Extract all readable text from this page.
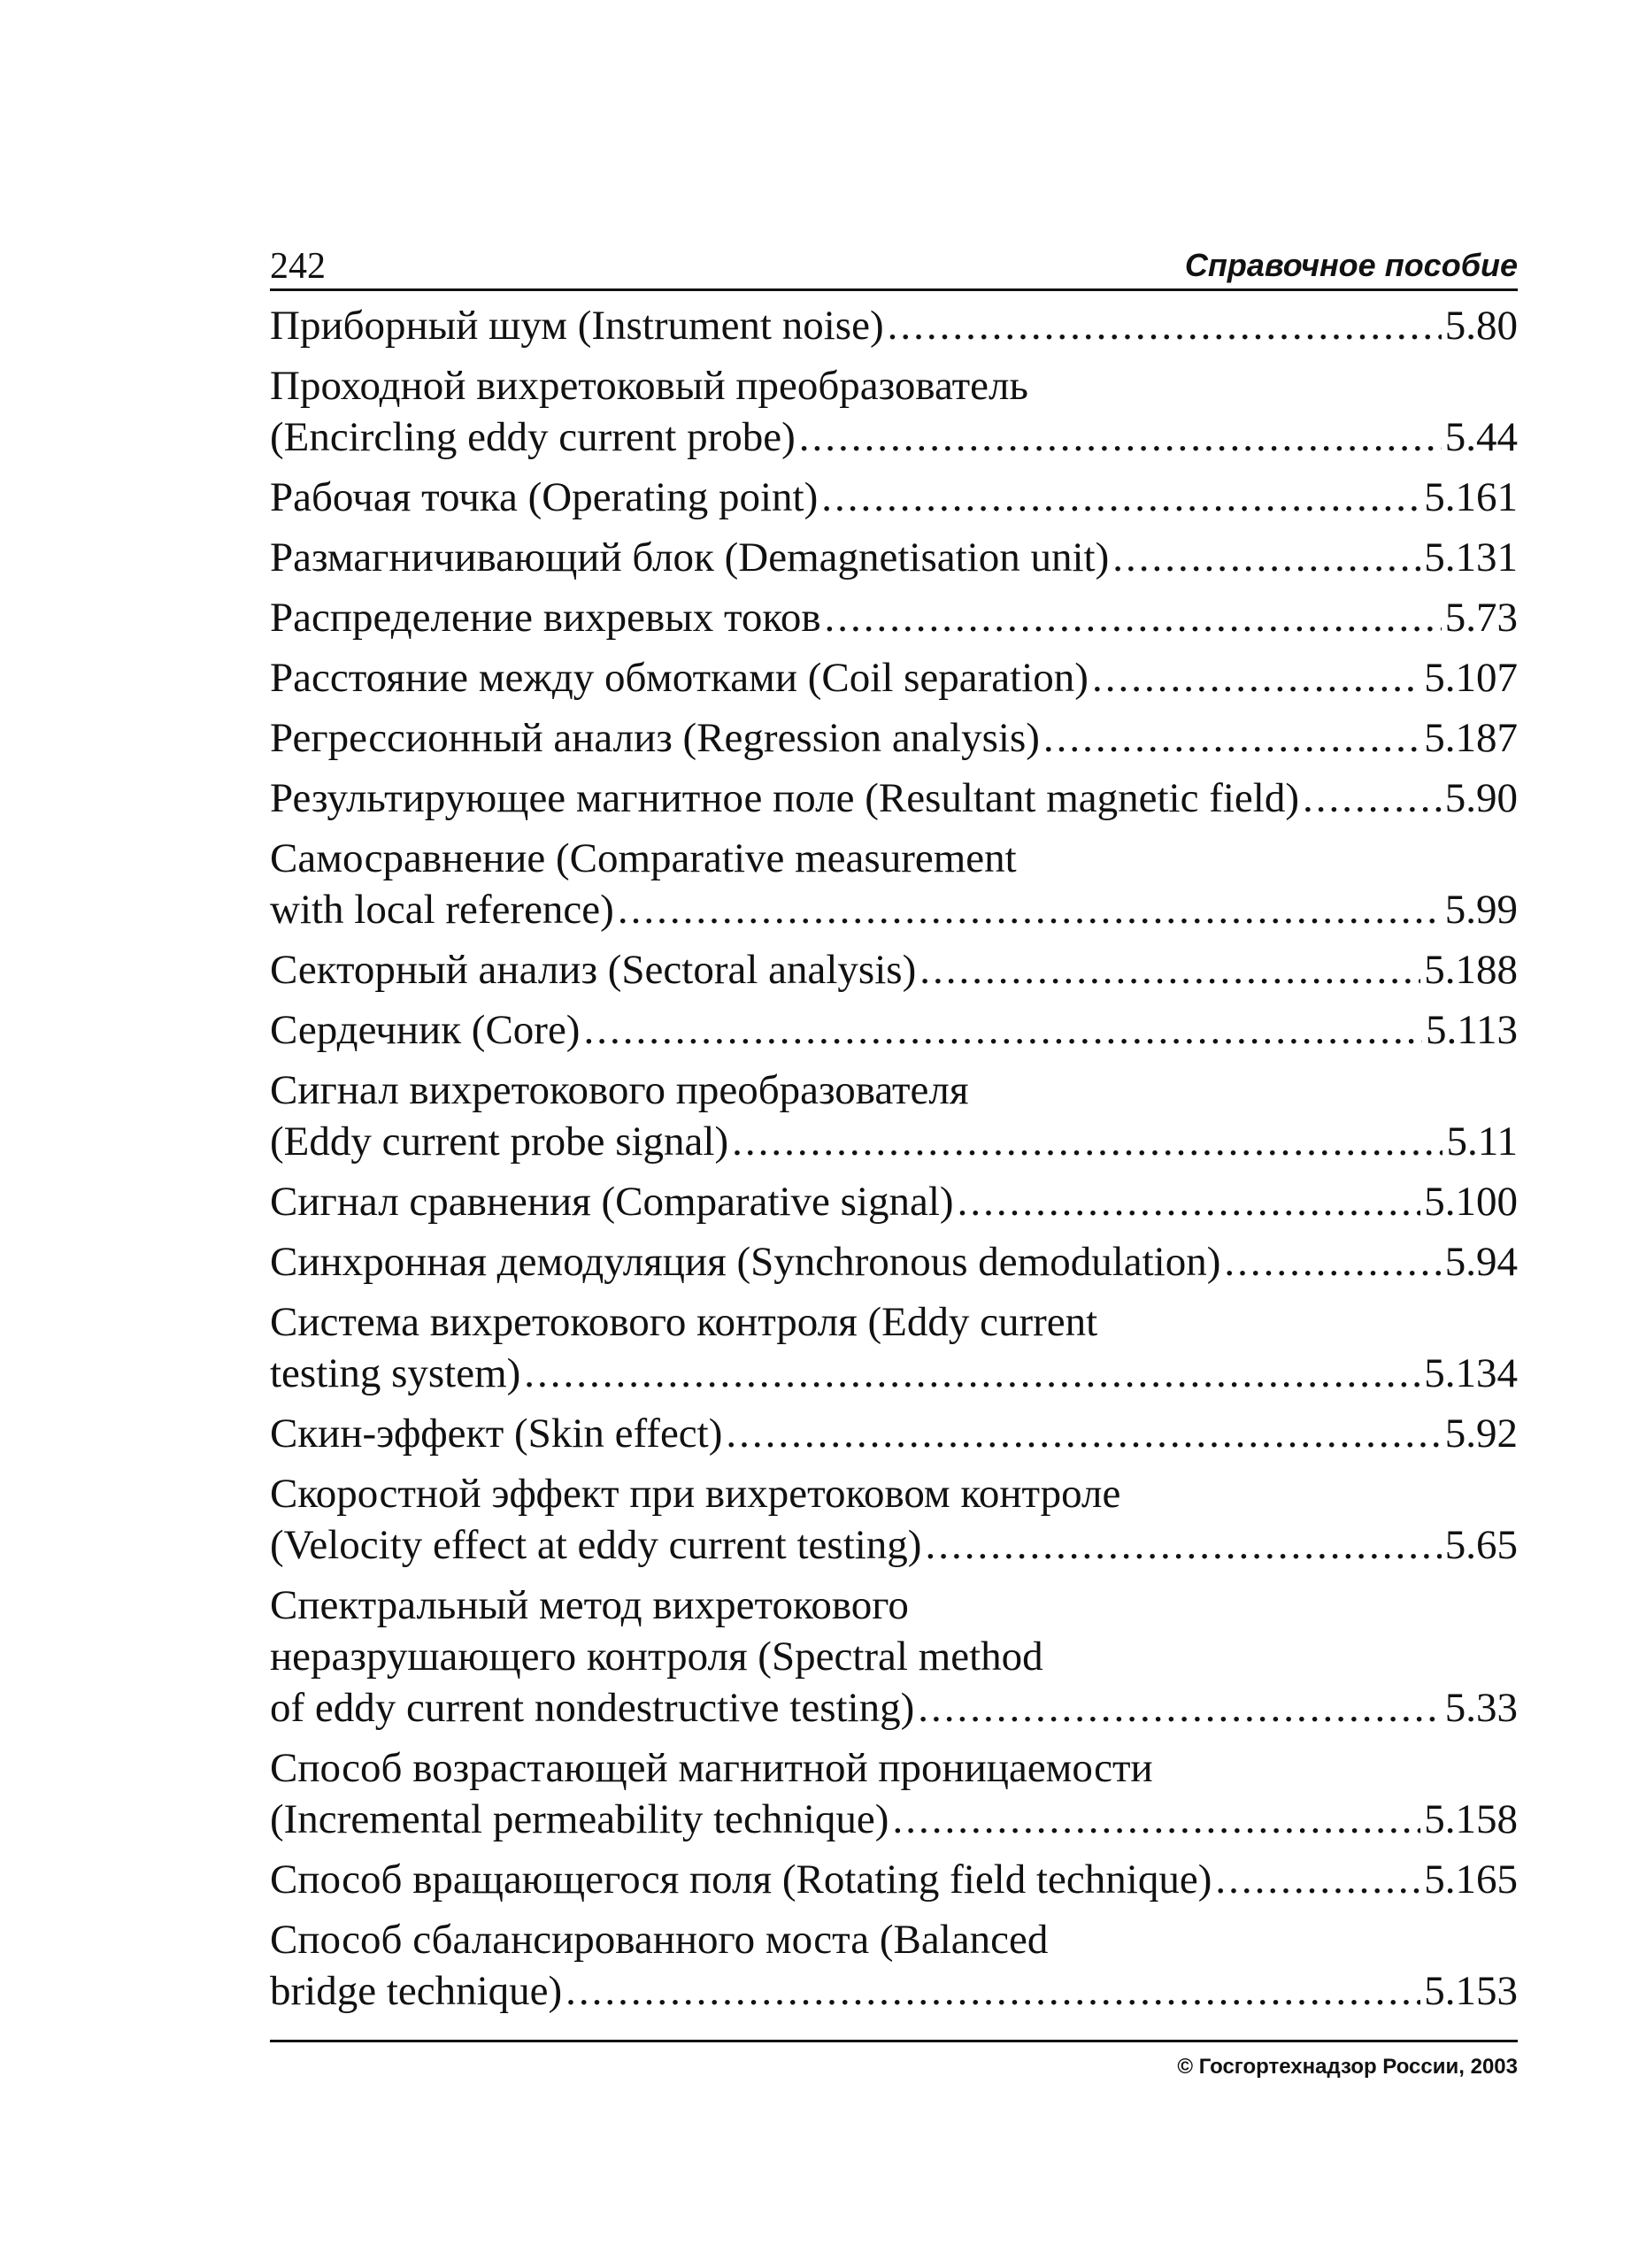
242	Справочное пособие
Приборный шум (Instrument noise) .....	5.80
Проходной вихретоковый преобразователь
(Encircling eddy current probe) .....	5.44
Рабочая точка (Operating point) .....	5.161
Размагничивающий блок (Demagnetisation unit) .....	5.131
Распределение вихревых токов .....	5.73
Расстояние между обмотками (Coil separation) .....	5.107
Регрессионный анализ (Regression analysis) .....	5.187
Результирующее магнитное поле (Resultant magnetic field) .....	5.90
Самосравнение (Comparative measurement
with local reference) .....	5.99
Секторный анализ (Sectoral analysis) .....	5.188
Сердечник (Core) .....	5.113
Сигнал вихретокового преобразователя
(Eddy current probe signal) .....	5.11
Сигнал сравнения (Comparative signal) .....	5.100
Синхронная демодуляция (Synchronous demodulation) .....	5.94
Система вихретокового контроля (Eddy current
testing system) .....	5.134
Скин-эффект (Skin effect) .....	5.92
Скоростной эффект при вихретоковом контроле
(Velocity effect at eddy current testing) .....	5.65
Спектральный метод вихретокового
неразрушающего контроля (Spectral method
of eddy current nondestructive testing) .....	5.33
Способ возрастающей магнитной проницаемости
(Incremental permeability technique) .....	5.158
Способ вращающегося поля (Rotating field technique) .....	5.165
Способ сбалансированного моста (Balanced
bridge technique) .....	5.153
© Госгортехнадзор России, 2003
